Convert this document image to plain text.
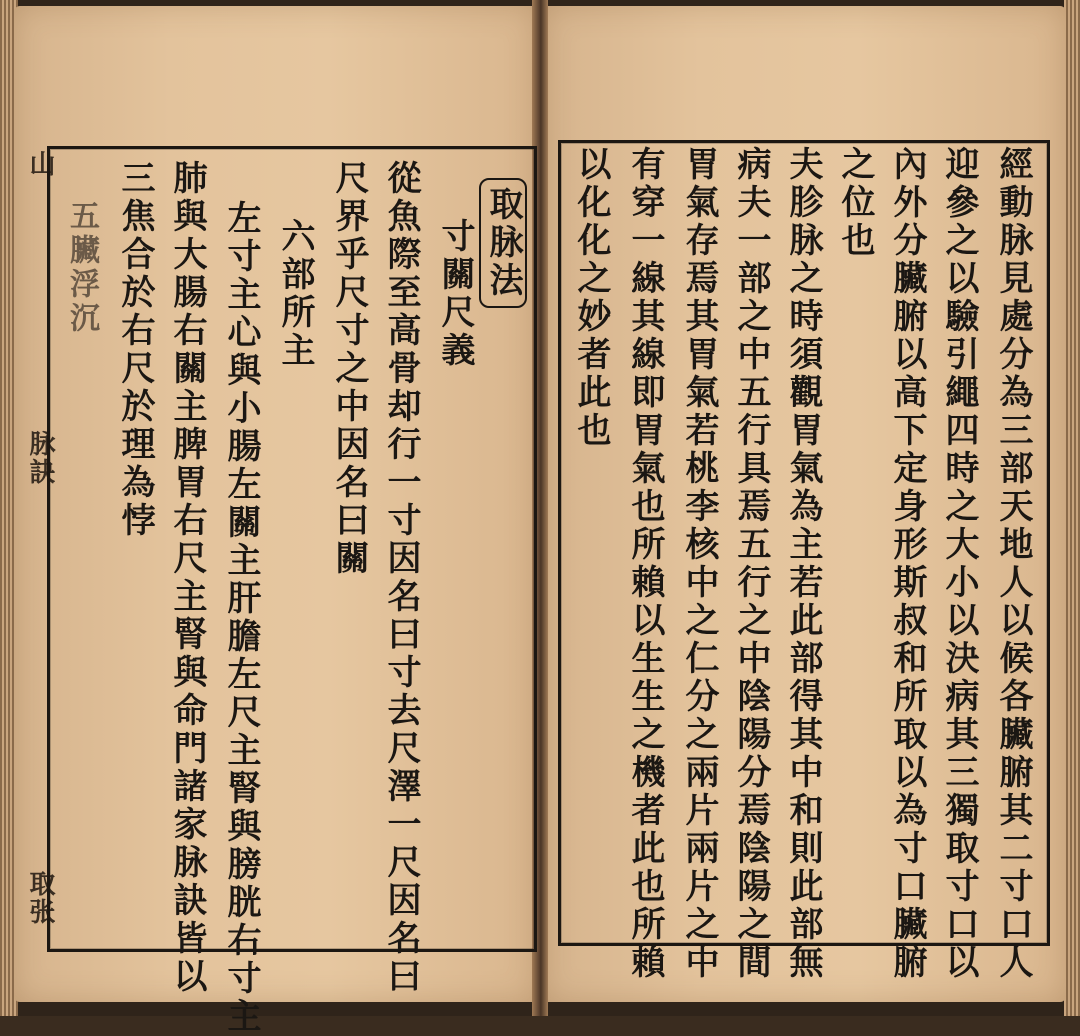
山
脉訣
取张
取脉法
寸關尺義
從魚際至高骨却行一寸因名曰寸去尺澤一尺因名曰
尺界乎尺寸之中因名曰關
六部所主
左寸主心與小腸左關主肝膽左尺主腎與膀胱右寸主
肺與大腸右關主脾胃右尺主腎與命門諸家脉訣皆以
三焦合於右尺於理為悖
五臟浮沉	經動脉見處分為三部天地人以候各臟腑其二寸口人
迎參之以驗引繩四時之大小以決病其三獨取寸口以
內外分臟腑以高下定身形斯叔和所取以為寸口臟腑
之位也
夫胗脉之時須觀胃氣為主若此部得其中和則此部無
病夫一部之中五行具焉五行之中陰陽分焉陰陽之間
胃氣存焉其胃氣若桃李核中之仁分之兩片兩片之中
有穿一線其線即胃氣也所賴以生生之機者此也所賴
以化化之妙者此也
